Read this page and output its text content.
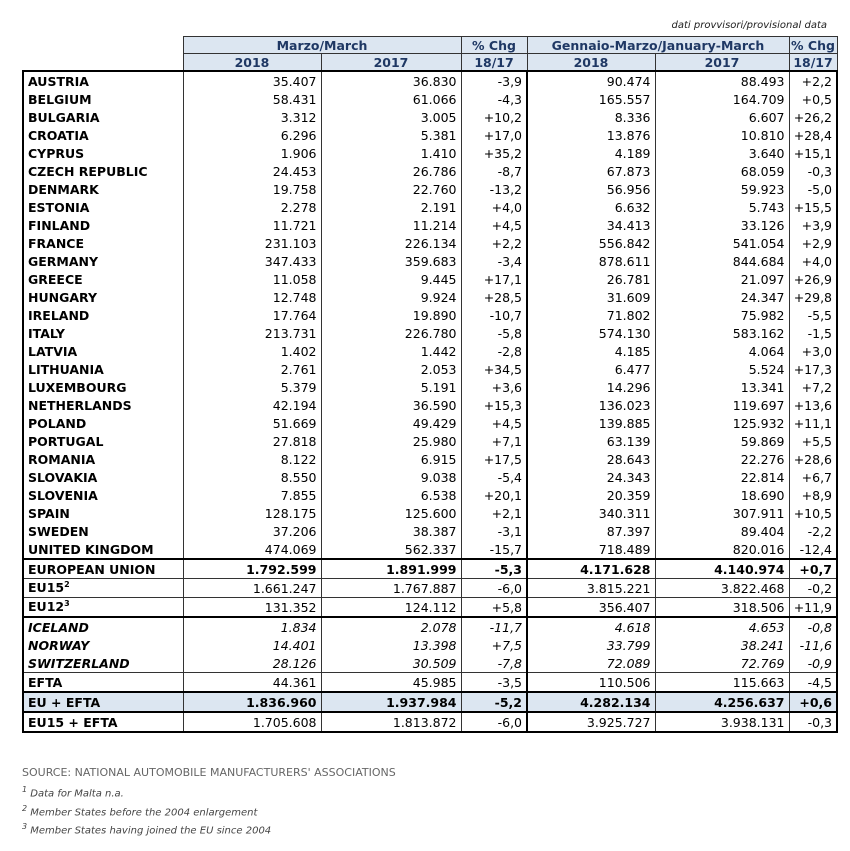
dati provvisori/provisional data
	Marzo/March		% Chg	Gennaio-Marzo/January-March		% Chg
	2018	2017	18/17	2018	2017	18/17
AUSTRIA	35.407	36.830	-3,9	90.474	88.493	+2,2
BELGIUM	58.431	61.066	-4,3	165.557	164.709	+0,5
BULGARIA	3.312	3.005	+10,2	8.336	6.607	+26,2
CROATIA	6.296	5.381	+17,0	13.876	10.810	+28,4
CYPRUS	1.906	1.410	+35,2	4.189	3.640	+15,1
CZECH REPUBLIC	24.453	26.786	-8,7	67.873	68.059	-0,3
DENMARK	19.758	22.760	-13,2	56.956	59.923	-5,0
ESTONIA	2.278	2.191	+4,0	6.632	5.743	+15,5
FINLAND	11.721	11.214	+4,5	34.413	33.126	+3,9
FRANCE	231.103	226.134	+2,2	556.842	541.054	+2,9
GERMANY	347.433	359.683	-3,4	878.611	844.684	+4,0
GREECE	11.058	9.445	+17,1	26.781	21.097	+26,9
HUNGARY	12.748	9.924	+28,5	31.609	24.347	+29,8
IRELAND	17.764	19.890	-10,7	71.802	75.982	-5,5
ITALY	213.731	226.780	-5,8	574.130	583.162	-1,5
LATVIA	1.402	1.442	-2,8	4.185	4.064	+3,0
LITHUANIA	2.761	2.053	+34,5	6.477	5.524	+17,3
LUXEMBOURG	5.379	5.191	+3,6	14.296	13.341	+7,2
NETHERLANDS	42.194	36.590	+15,3	136.023	119.697	+13,6
POLAND	51.669	49.429	+4,5	139.885	125.932	+11,1
PORTUGAL	27.818	25.980	+7,1	63.139	59.869	+5,5
ROMANIA	8.122	6.915	+17,5	28.643	22.276	+28,6
SLOVAKIA	8.550	9.038	-5,4	24.343	22.814	+6,7
SLOVENIA	7.855	6.538	+20,1	20.359	18.690	+8,9
SPAIN	128.175	125.600	+2,1	340.311	307.911	+10,5
SWEDEN	37.206	38.387	-3,1	87.397	89.404	-2,2
UNITED KINGDOM	474.069	562.337	-15,7	718.489	820.016	-12,4
EUROPEAN UNION	1.792.599	1.891.999	-5,3	4.171.628	4.140.974	+0,7
$EU15^2$	1.661.247	1.767.887	-6,0	3.815.221	3.822.468	-0,2
$EU12^3$	131.352	124.112	+5,8	356.407	318.506	+11,9
ICELAND	1.834	2.078	-11,7	4.618	4.653	-0,8
NORWAY	14.401	13.398	+7,5	33.799	38.241	-11,6
SWITZERLAND	28.126	30.509	-7,8	72.089	72.769	-0,9
EFTA	44.361	45.985	-3,5	110.506	115.663	-4,5
EU + EFTA	1.836.960	1.937.984	-5,2	4.282.134	4.256.637	+0,6
EU15 + EFTA	1.705.608	1.813.872	-6,0	3.925.727	3.938.131	-0,3
SOURCE: NATIONAL AUTOMOBILE MANUFACTURERS' ASSOCIATIONS
$^1$ Data for Malta n.a.
$^2$ Member States before the 2004 enlargement
$^3$ Member States having joined the EU since 2004
